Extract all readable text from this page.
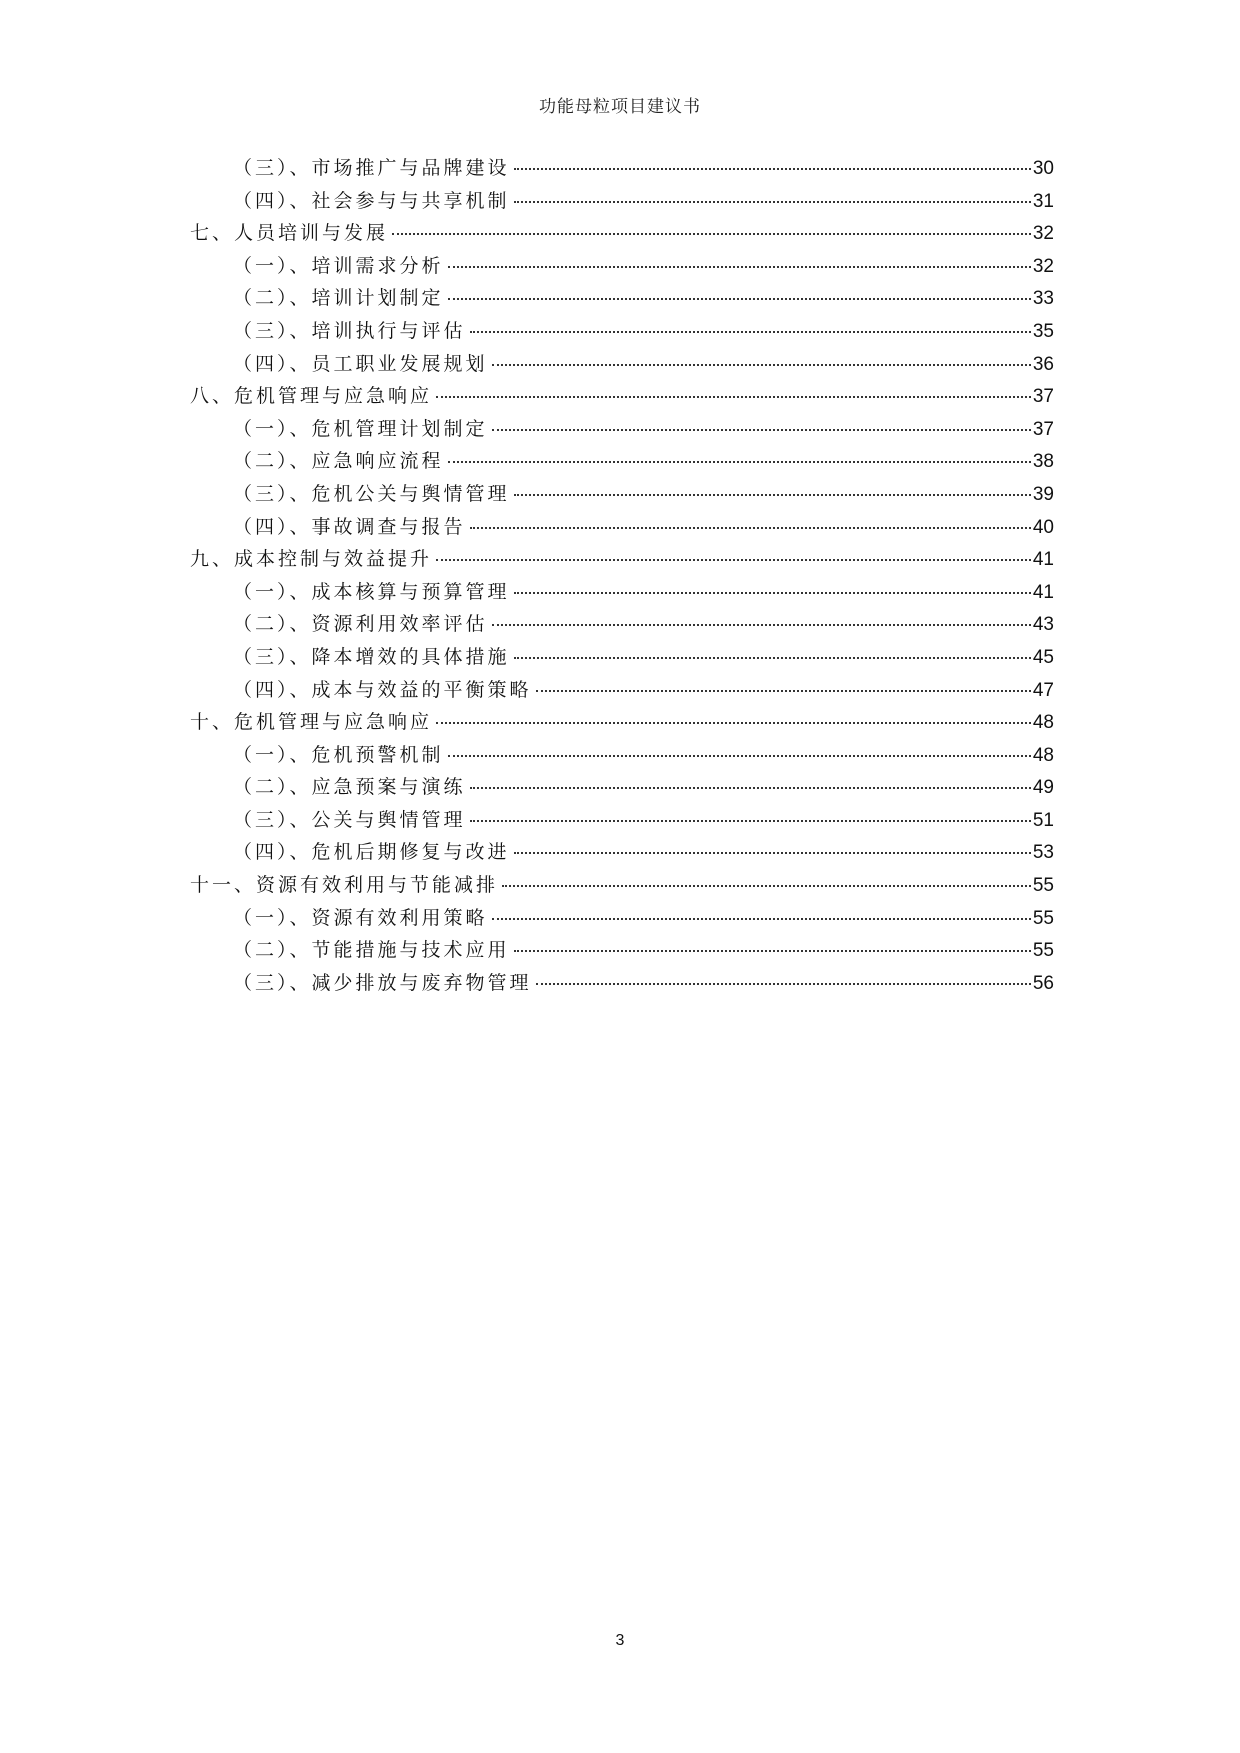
功能母粒项目建议书
（三）、市场推广与品牌建设	30
（四）、社会参与与共享机制	31
七、人员培训与发展	32
（一）、培训需求分析	32
（二）、培训计划制定	33
（三）、培训执行与评估	35
（四）、员工职业发展规划	36
八、危机管理与应急响应	37
（一）、危机管理计划制定	37
（二）、应急响应流程	38
（三）、危机公关与舆情管理	39
（四）、事故调查与报告	40
九、成本控制与效益提升	41
（一）、成本核算与预算管理	41
（二）、资源利用效率评估	43
（三）、降本增效的具体措施	45
（四）、成本与效益的平衡策略	47
十、危机管理与应急响应	48
（一）、危机预警机制	48
（二）、应急预案与演练	49
（三）、公关与舆情管理	51
（四）、危机后期修复与改进	53
十一、资源有效利用与节能减排	55
（一）、资源有效利用策略	55
（二）、节能措施与技术应用	55
（三）、减少排放与废弃物管理	56
3
